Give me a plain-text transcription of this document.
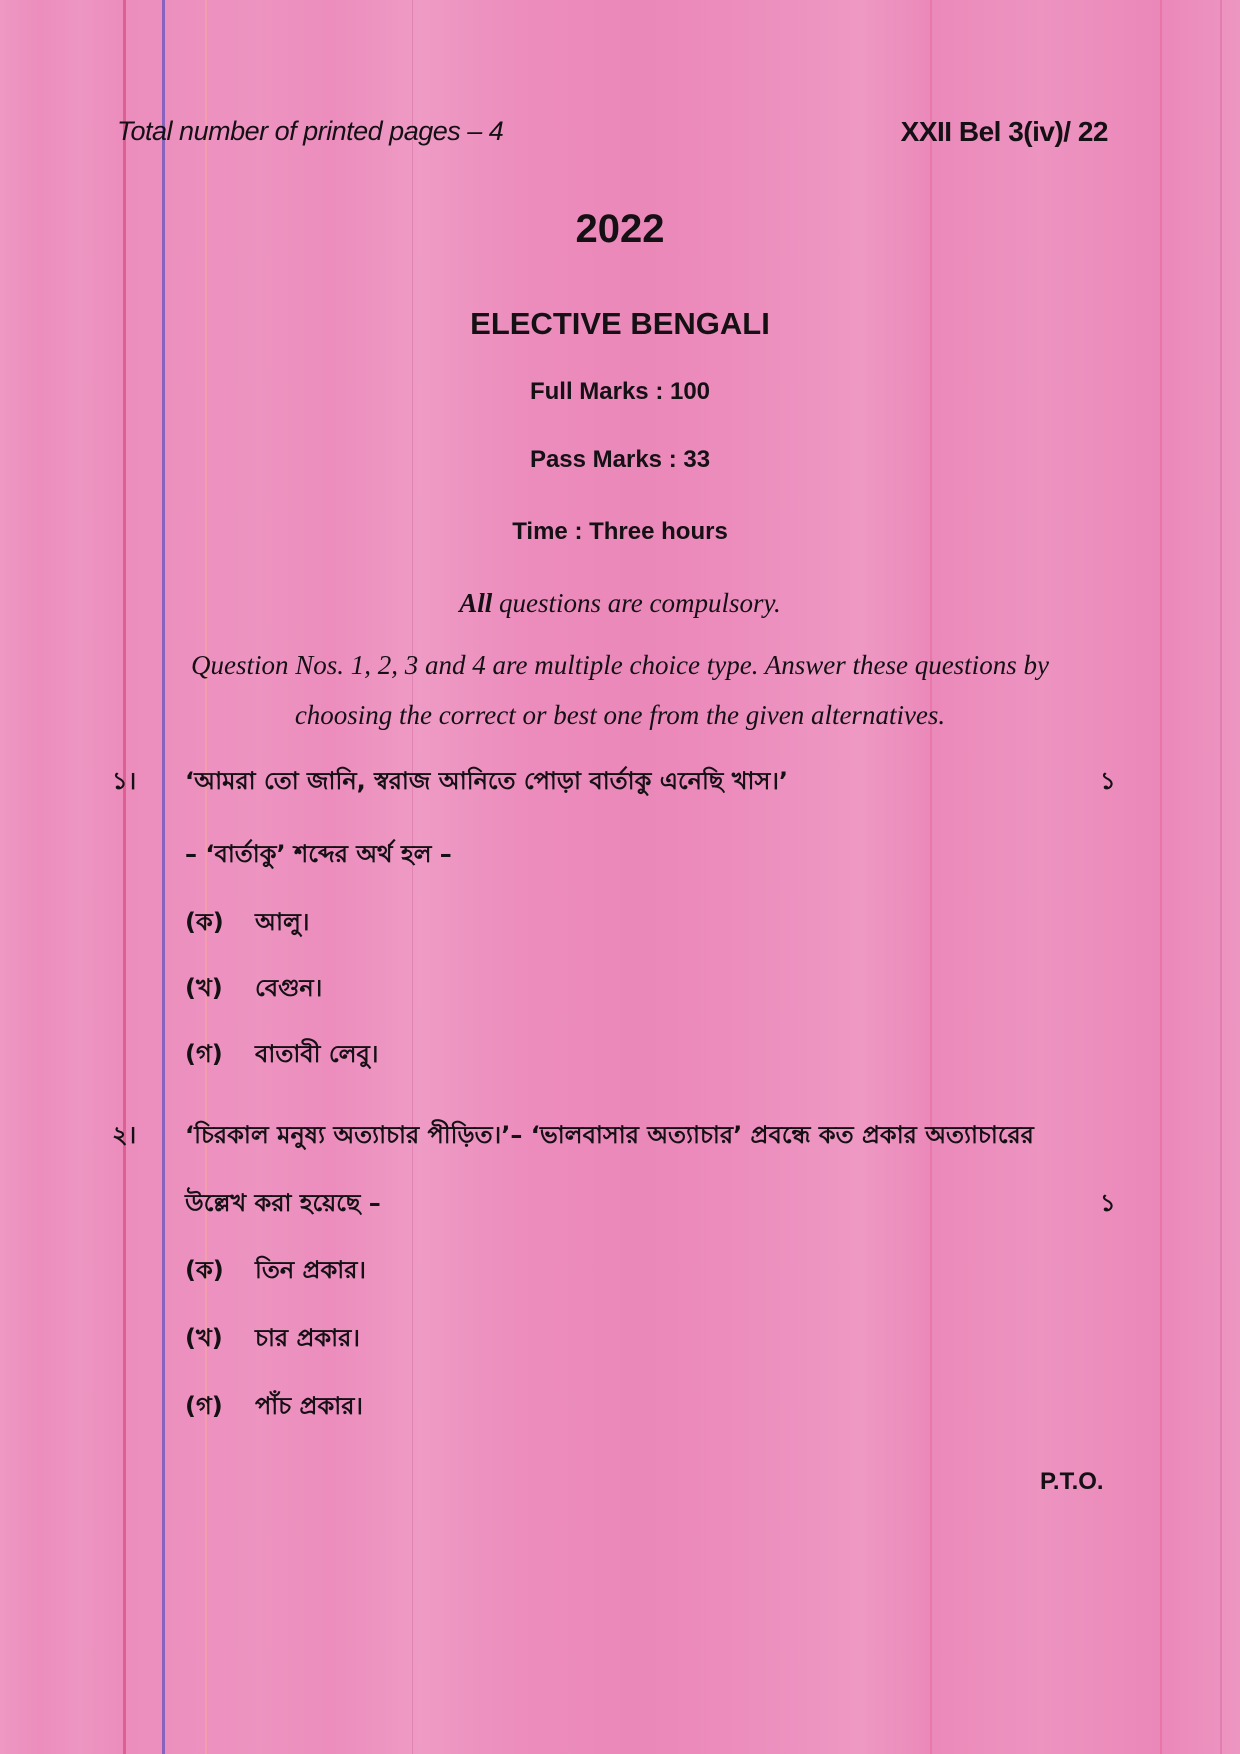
Total number of printed pages – 4	XXII Bel 3(iv)/ 22
2022
ELECTIVE BENGALI
Full Marks : 100
Pass Marks : 33
Time : Three hours
All questions are compulsory.
Question Nos. 1, 2, 3 and 4 are multiple choice type. Answer these questions by
choosing the correct or best one from the given alternatives.
১। ‘আমরা তো জানি, স্বরাজ আনিতে পোড়া বার্তাকু এনেছি খাস।’	১
– ‘বার্তাকু’ শব্দের অর্থ হল –
(ক) আলু।
(খ) বেগুন।
(গ) বাতাবী লেবু।
২। ‘চিরকাল মনুষ্য অত্যাচার পীড়িত।’– ‘ভালবাসার অত্যাচার’ প্রবন্ধে কত প্রকার অত্যাচারের
উল্লেখ করা হয়েছে –	১
(ক) তিন প্রকার।
(খ) চার প্রকার।
(গ) পাঁচ প্রকার।
P.T.O.
